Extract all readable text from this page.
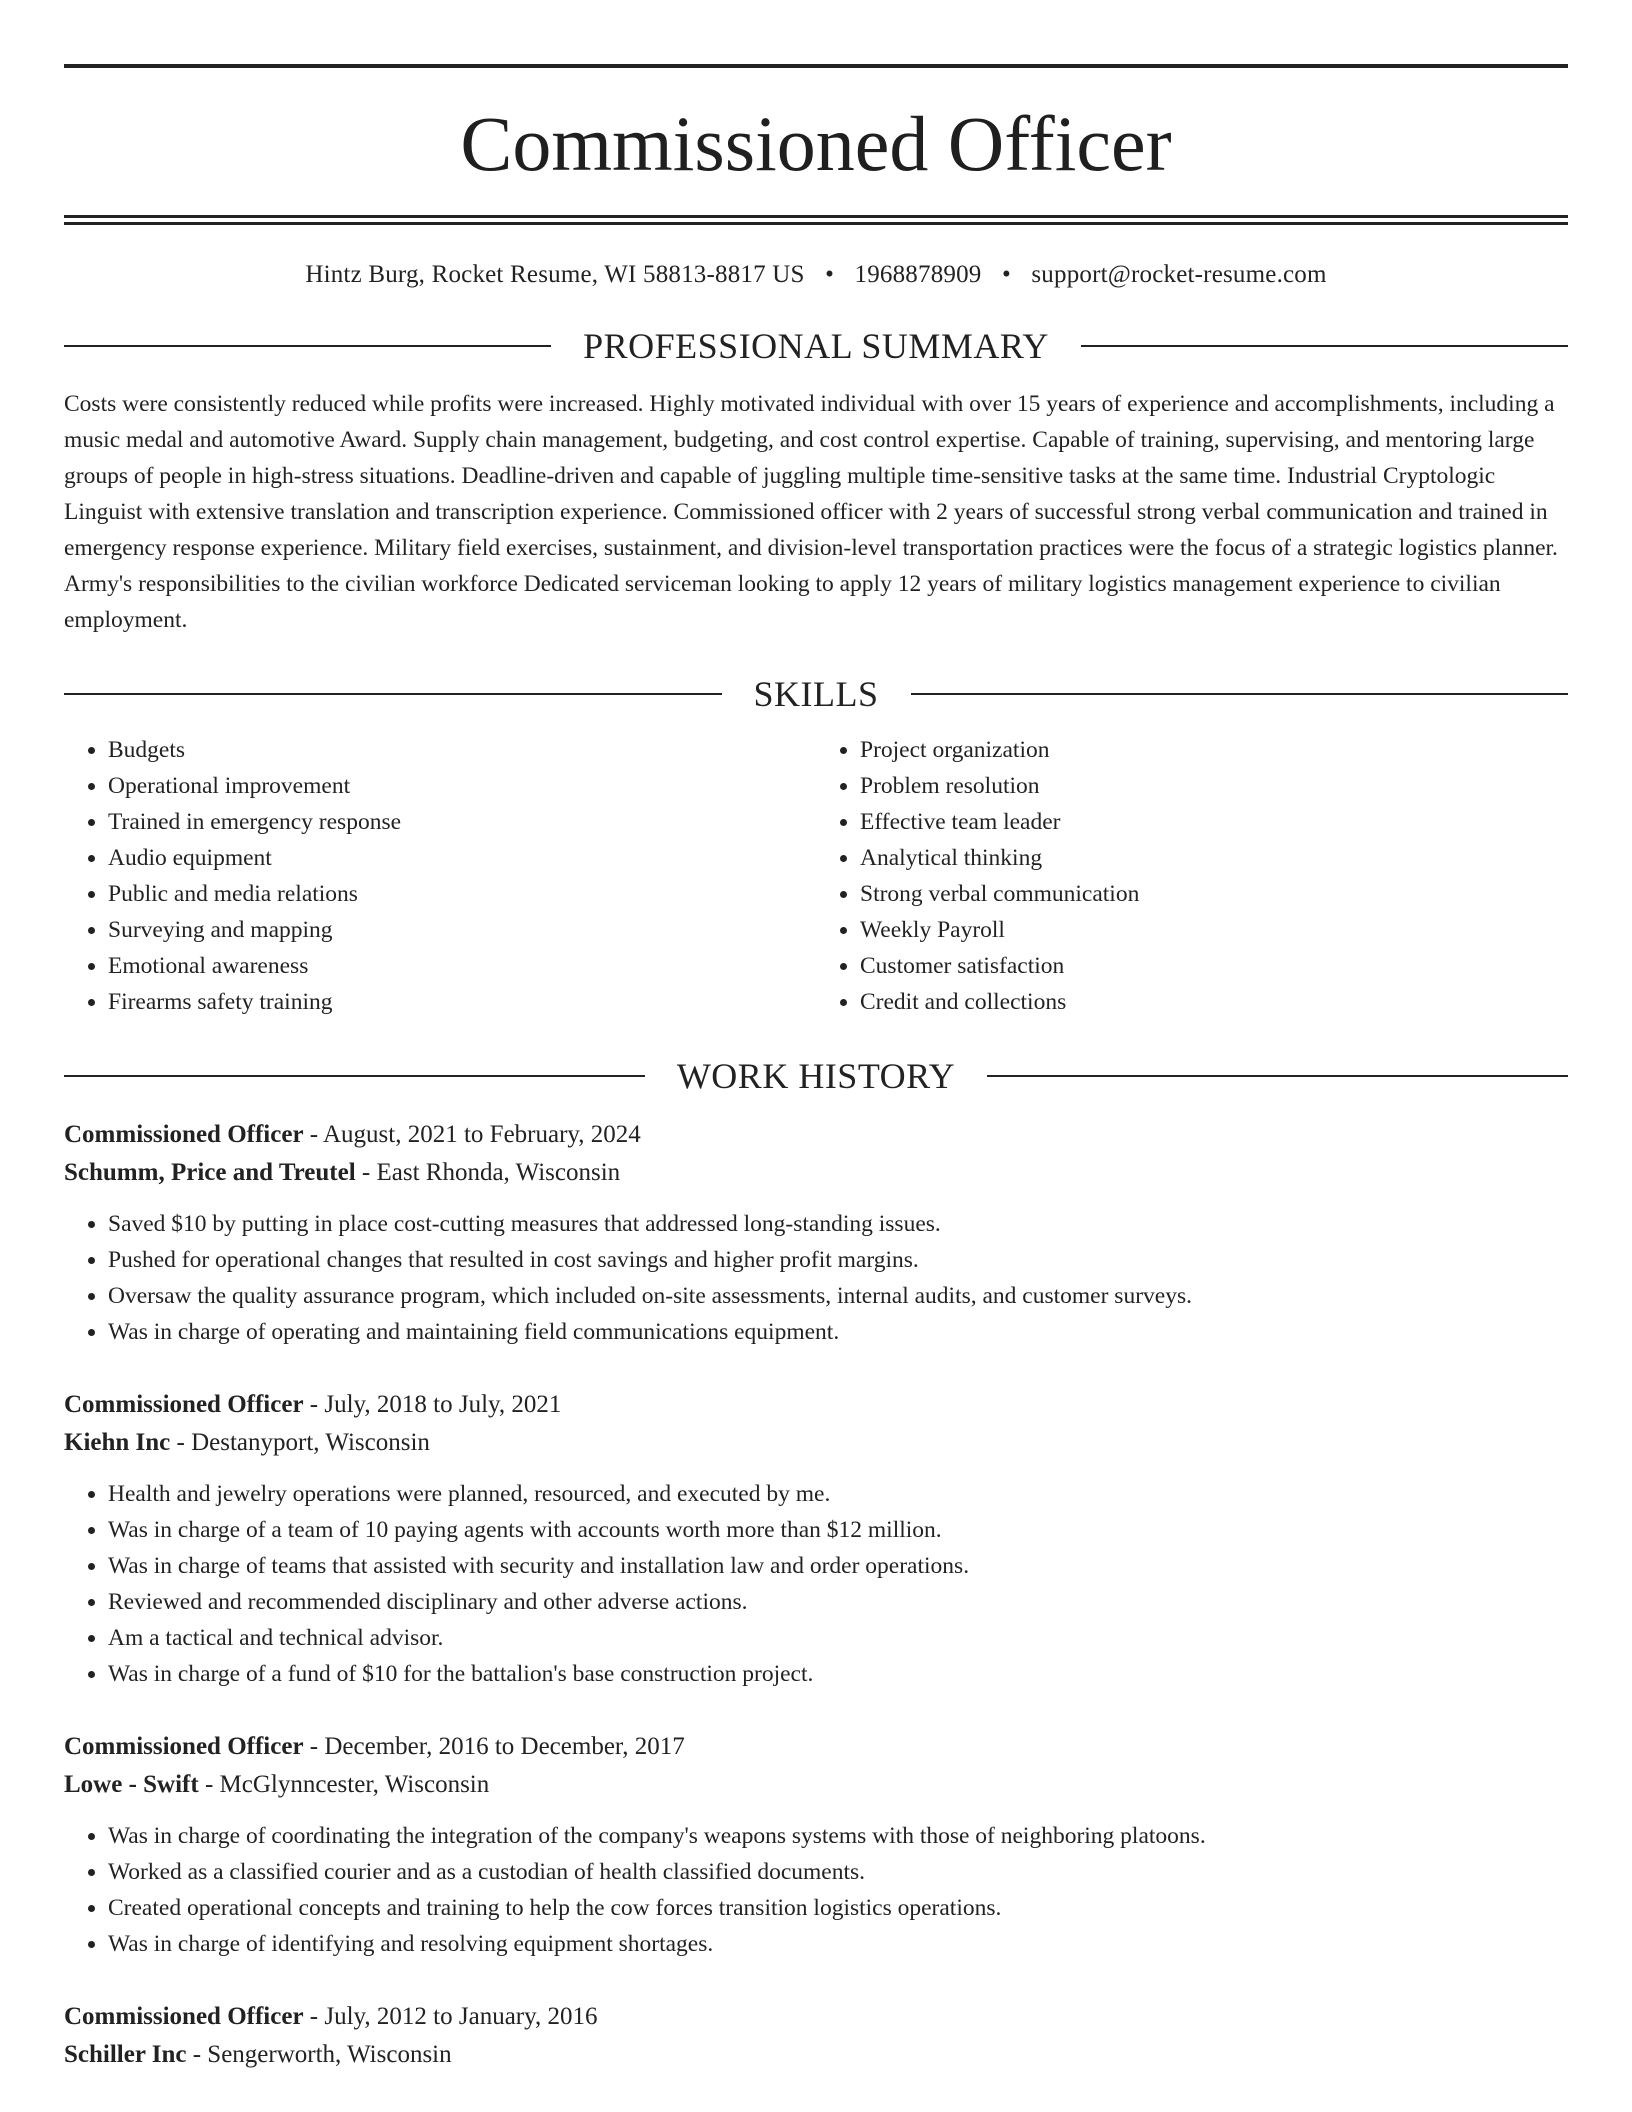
Commissioned Officer
Hintz Burg, Rocket Resume, WI 58813-8817 US • 1968878909 • support@rocket-resume.com
PROFESSIONAL SUMMARY
Costs were consistently reduced while profits were increased. Highly motivated individual with over 15 years of experience and accomplishments, including a music medal and automotive Award. Supply chain management, budgeting, and cost control expertise. Capable of training, supervising, and mentoring large groups of people in high-stress situations. Deadline-driven and capable of juggling multiple time-sensitive tasks at the same time. Industrial Cryptologic Linguist with extensive translation and transcription experience. Commissioned officer with 2 years of successful strong verbal communication and trained in emergency response experience. Military field exercises, sustainment, and division-level transportation practices were the focus of a strategic logistics planner. Army's responsibilities to the civilian workforce Dedicated serviceman looking to apply 12 years of military logistics management experience to civilian employment.
SKILLS
• Budgets
• Operational improvement
• Trained in emergency response
• Audio equipment
• Public and media relations
• Surveying and mapping
• Emotional awareness
• Firearms safety training
• Project organization
• Problem resolution
• Effective team leader
• Analytical thinking
• Strong verbal communication
• Weekly Payroll
• Customer satisfaction
• Credit and collections
WORK HISTORY
Commissioned Officer - August, 2021 to February, 2024
Schumm, Price and Treutel - East Rhonda, Wisconsin
• Saved $10 by putting in place cost-cutting measures that addressed long-standing issues.
• Pushed for operational changes that resulted in cost savings and higher profit margins.
• Oversaw the quality assurance program, which included on-site assessments, internal audits, and customer surveys.
• Was in charge of operating and maintaining field communications equipment.
Commissioned Officer - July, 2018 to July, 2021
Kiehn Inc - Destanyport, Wisconsin
• Health and jewelry operations were planned, resourced, and executed by me.
• Was in charge of a team of 10 paying agents with accounts worth more than $12 million.
• Was in charge of teams that assisted with security and installation law and order operations.
• Reviewed and recommended disciplinary and other adverse actions.
• Am a tactical and technical advisor.
• Was in charge of a fund of $10 for the battalion's base construction project.
Commissioned Officer - December, 2016 to December, 2017
Lowe - Swift - McGlynncester, Wisconsin
• Was in charge of coordinating the integration of the company's weapons systems with those of neighboring platoons.
• Worked as a classified courier and as a custodian of health classified documents.
• Created operational concepts and training to help the cow forces transition logistics operations.
• Was in charge of identifying and resolving equipment shortages.
Commissioned Officer - July, 2012 to January, 2016
Schiller Inc - Sengerworth, Wisconsin
